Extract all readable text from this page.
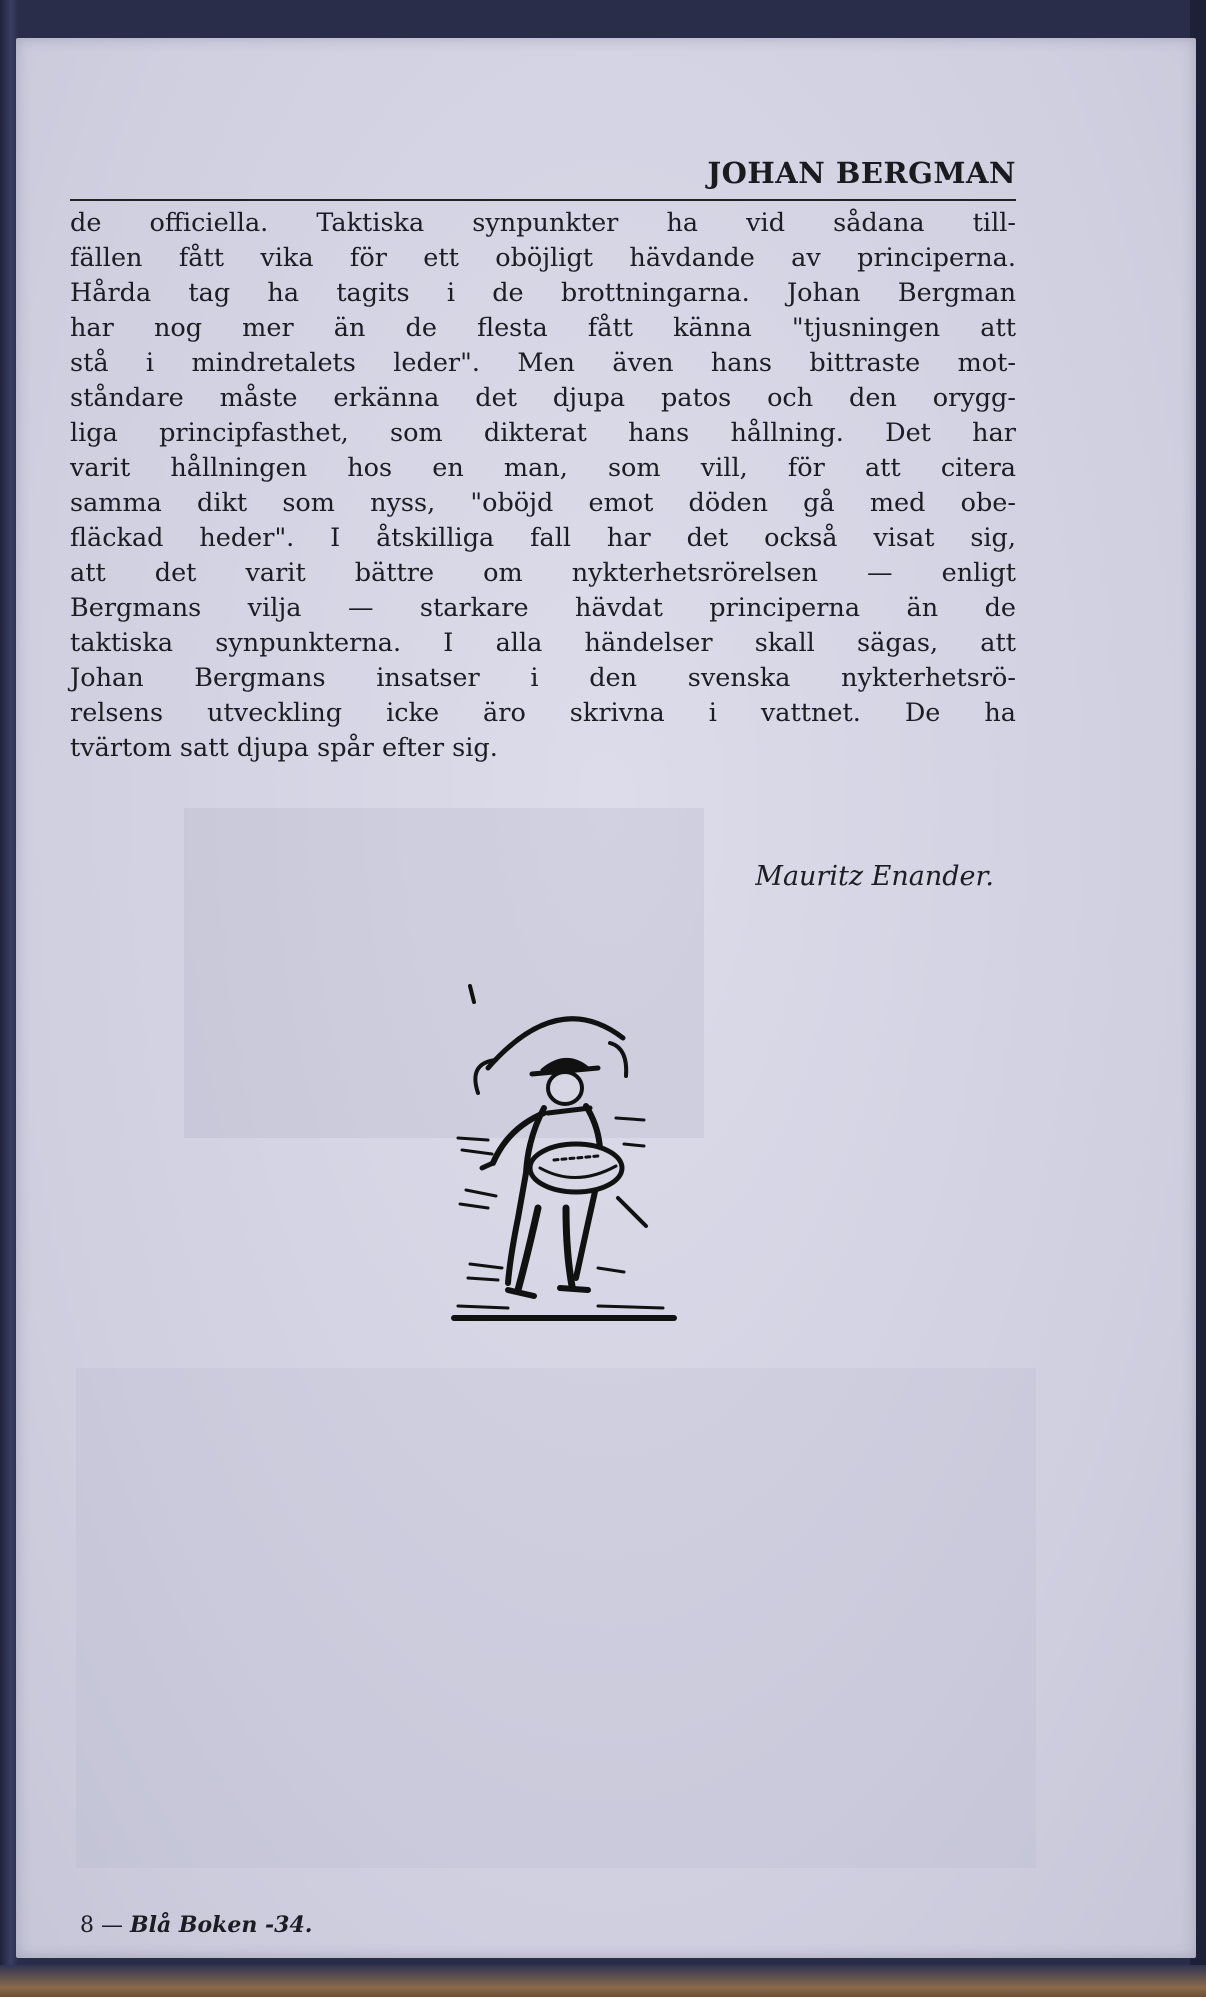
JOHAN BERGMAN
de officiella. Taktiska synpunkter ha vid sådana till-
fällen fått vika för ett oböjligt hävdande av principerna.
Hårda tag ha tagits i de brottningarna. Johan Bergman
har nog mer än de flesta fått känna "tjusningen att
stå i mindretalets leder". Men även hans bittraste mot-
ståndare måste erkänna det djupa patos och den orygg-
liga principfasthet, som dikterat hans hållning. Det har
varit hållningen hos en man, som vill, för att citera
samma dikt som nyss, "oböjd emot döden gå med obe-
fläckad heder". I åtskilliga fall har det också visat sig,
att det varit bättre om nykterhetsrörelsen — enligt
Bergmans vilja — starkare hävdat principerna än de
taktiska synpunkterna. I alla händelser skall sägas, att
Johan Bergmans insatser i den svenska nykterhetsrö-
relsens utveckling icke äro skrivna i vattnet. De ha
tvärtom satt djupa spår efter sig.
Mauritz Enander.
8 — Blå Boken -34.
